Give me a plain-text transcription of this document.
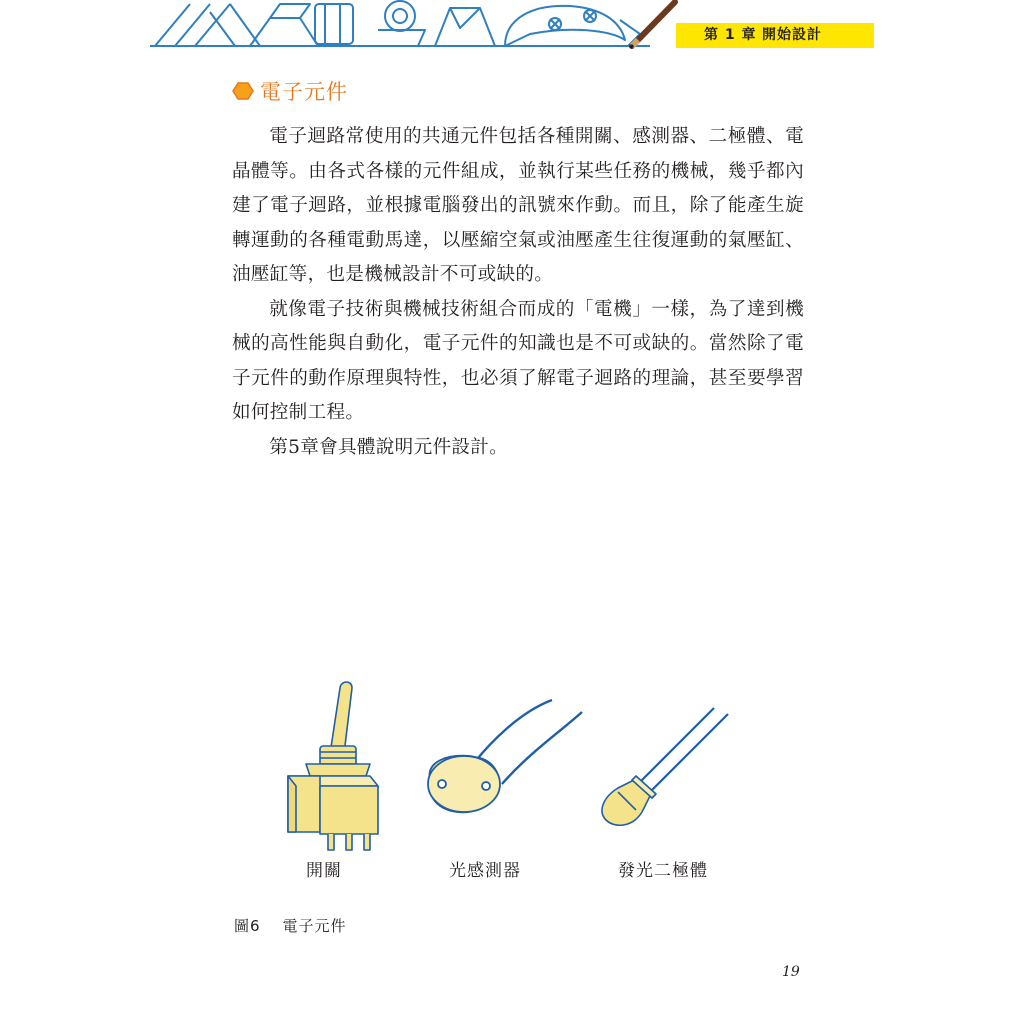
第 1 章 開始設計
電子元件

電子迴路常使用的共通元件包括各種開關、感測器、二極體、電晶體等。由各式各樣的元件組成，並執行某些任務的機械，幾乎都內建了電子迴路，並根據電腦發出的訊號來作動。而且，除了能產生旋轉運動的各種電動馬達，以壓縮空氣或油壓產生往復運動的氣壓缸、油壓缸等，也是機械設計不可或缺的。

就像電子技術與機械技術組合而成的「電機」一樣，為了達到機械的高性能與自動化，電子元件的知識也是不可或缺的。當然除了電子元件的動作原理與特性，也必須了解電子迴路的理論，甚至要學習如何控制工程。

第5章會具體說明元件設計。

開關	光感測器	發光二極體
圖6 電子元件
19
